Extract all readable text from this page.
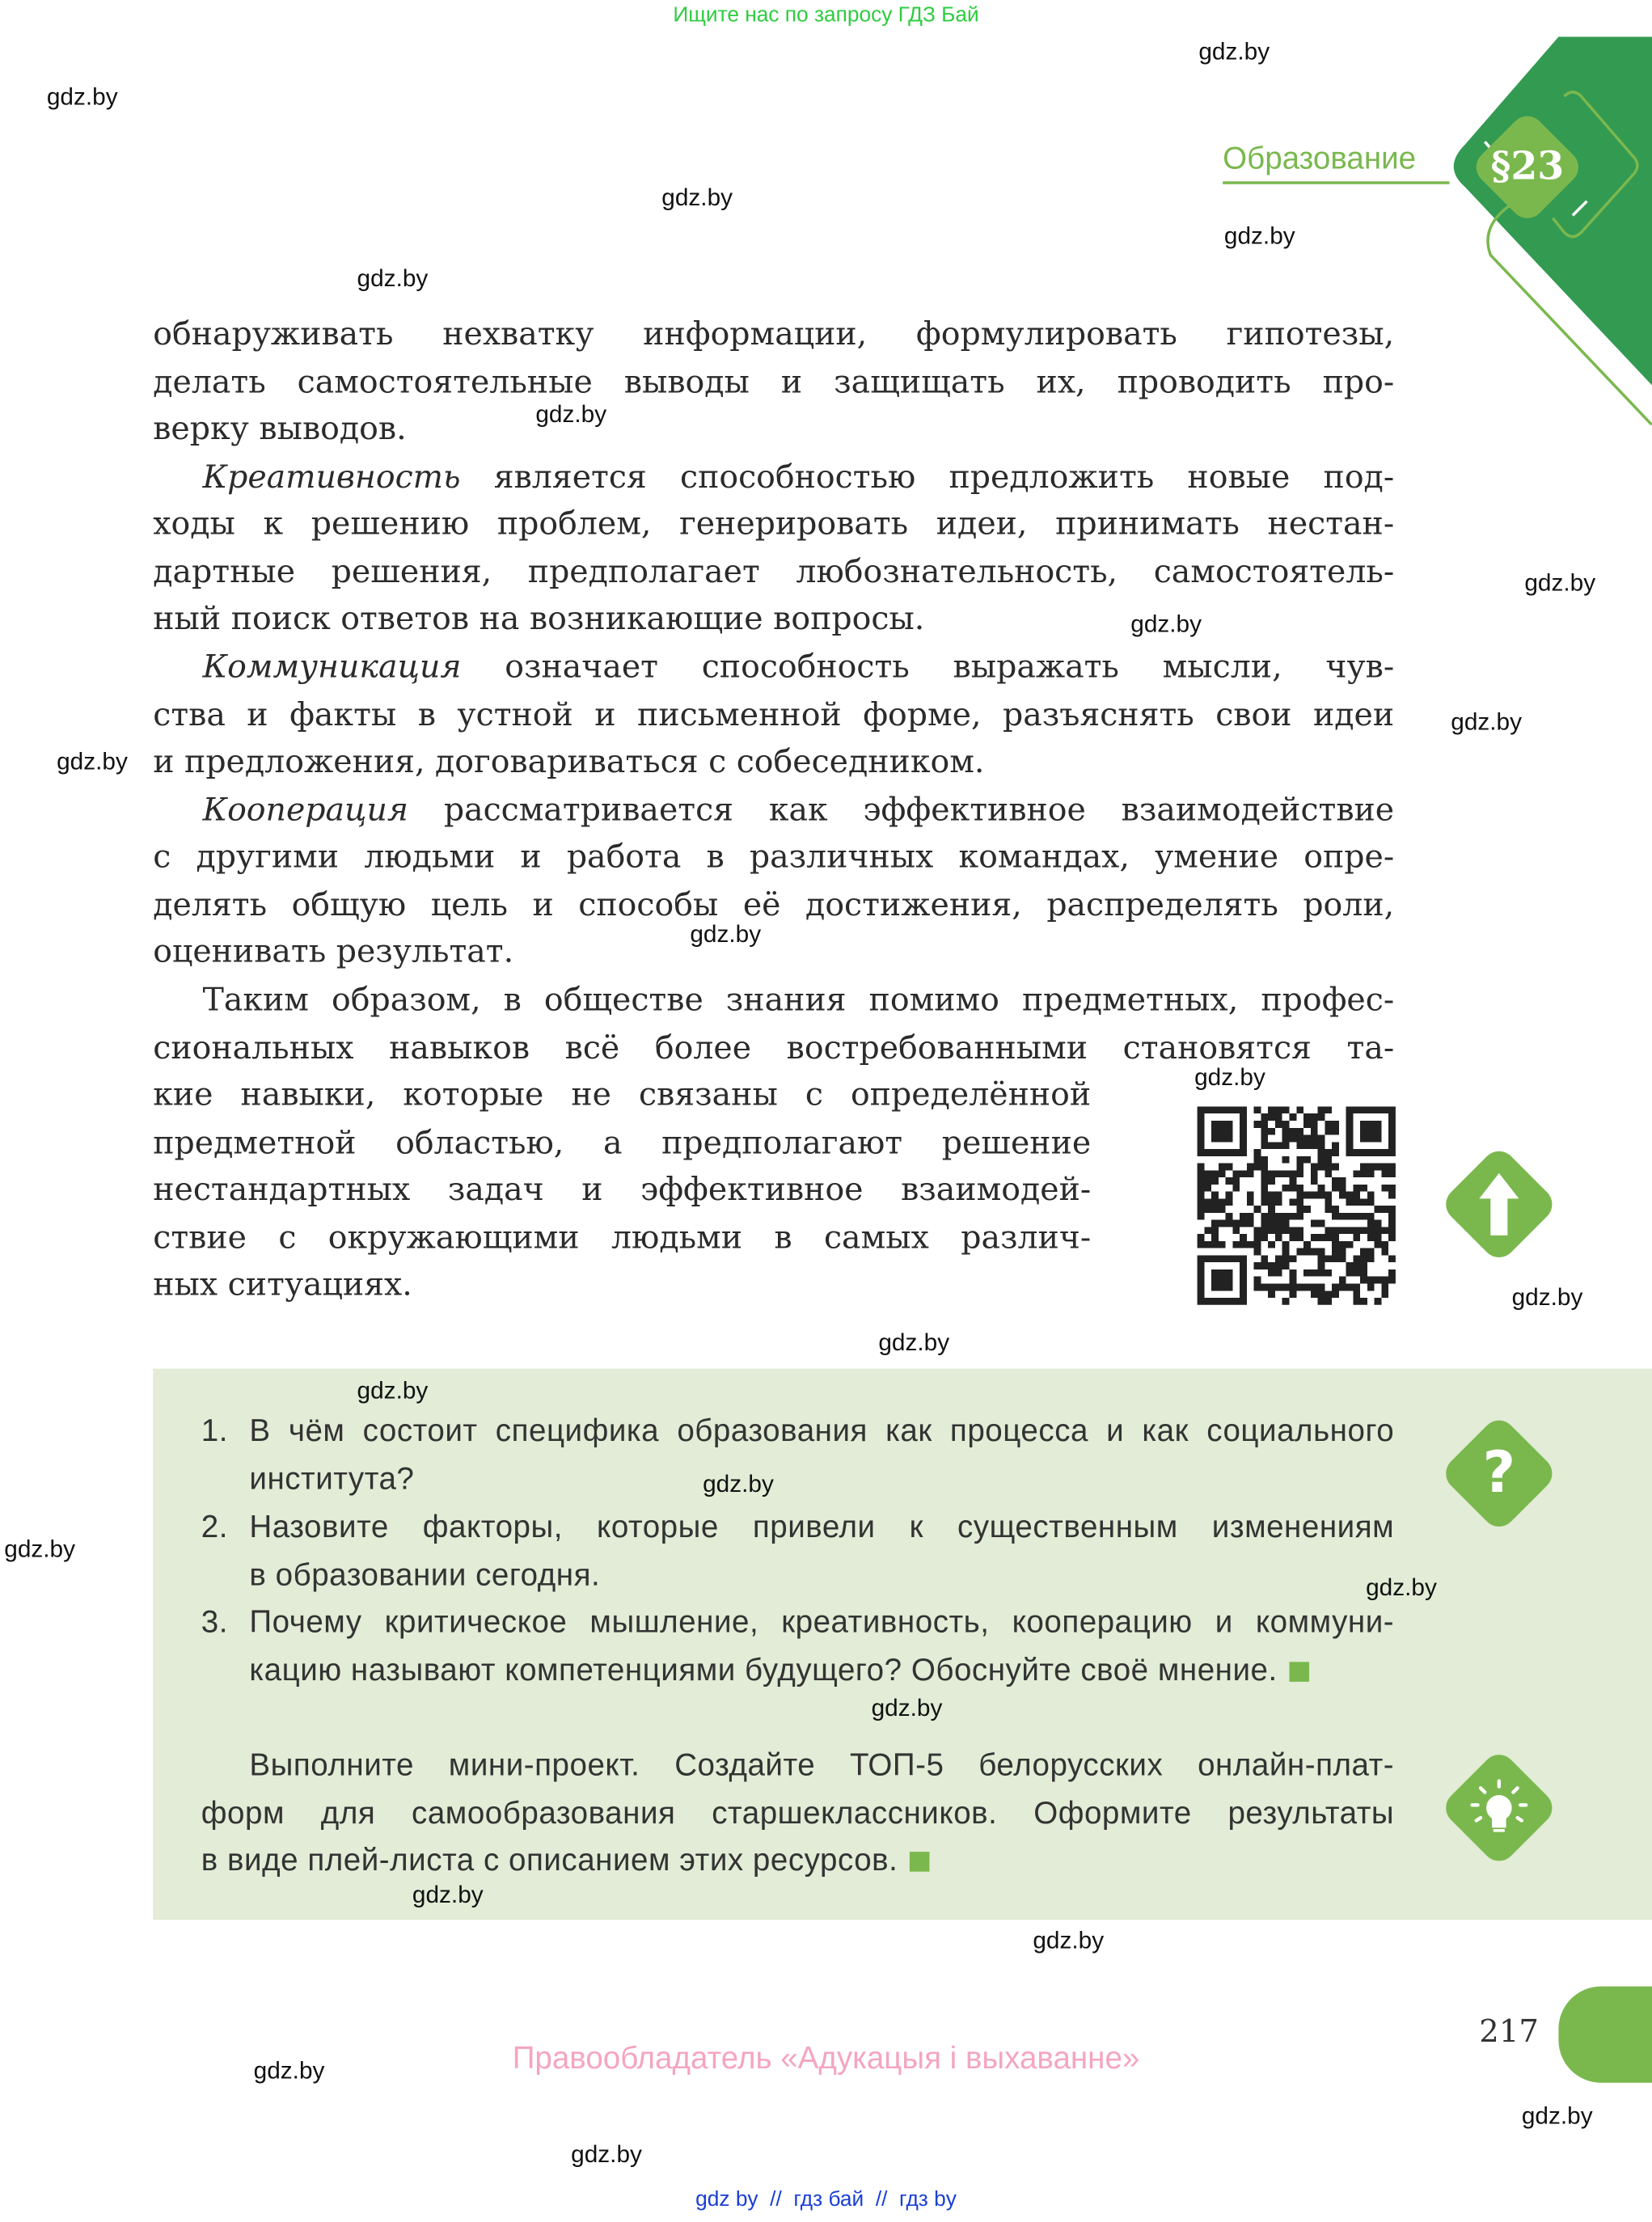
Ищите нас по запросу ГДЗ Бай
Образование	§23
?
217
Правообладатель «Адукацыя і выхаванне»
gdz by  //  гдз бай  //  гдз by
обнаруживать нехватку информации, формулировать гипотезы,
делать самостоятельные выводы и защищать их, проводить про-
верку выводов.
Креативность является способностью предложить новые под-
ходы к решению проблем, генерировать идеи, принимать нестан-
дартные решения, предполагает любознательность, самостоятель-
ный поиск ответов на возникающие вопросы.
Коммуникация означает способность выражать мысли, чув-
ства и факты в устной и письменной форме, разъяснять свои идеи
и предложения, договариваться с собеседником.
Кооперация рассматривается как эффективное взаимодействие
с другими людьми и работа в различных командах, умение опре-
делять общую цель и способы её достижения, распределять роли,
оценивать результат.
Таким образом, в обществе знания помимо предметных, профес-
сиональных навыков всё более востребованными становятся та-
кие навыки, которые не связаны с определённой
предметной областью, а предполагают решение
нестандартных задач и эффективное взаимодей-
ствие с окружающими людьми в самых различ-
ных ситуациях.
1. В чём состоит специфика образования как процесса и как социального
института?
2. Назовите факторы, которые привели к существенным изменениям
в образовании сегодня.
3. Почему критическое мышление, креативность, кооперацию и коммуни-
кацию называют компетенциями будущего? Обоснуйте своё мнение.
Выполните мини-проект. Создайте ТОП-5 белорусских онлайн-плат-
форм для самообразования старшеклассников. Оформите результаты
в виде плей-листа с описанием этих ресурсов.
gdz.by
gdz.by
gdz.by
gdz.by
gdz.by
gdz.by
gdz.by
gdz.by
gdz.by
gdz.by
gdz.by
gdz.by
gdz.by
gdz.by
gdz.by
gdz.by
gdz.by
gdz.by
gdz.by
gdz.by
gdz.by
gdz.by
gdz.by
gdz.by
